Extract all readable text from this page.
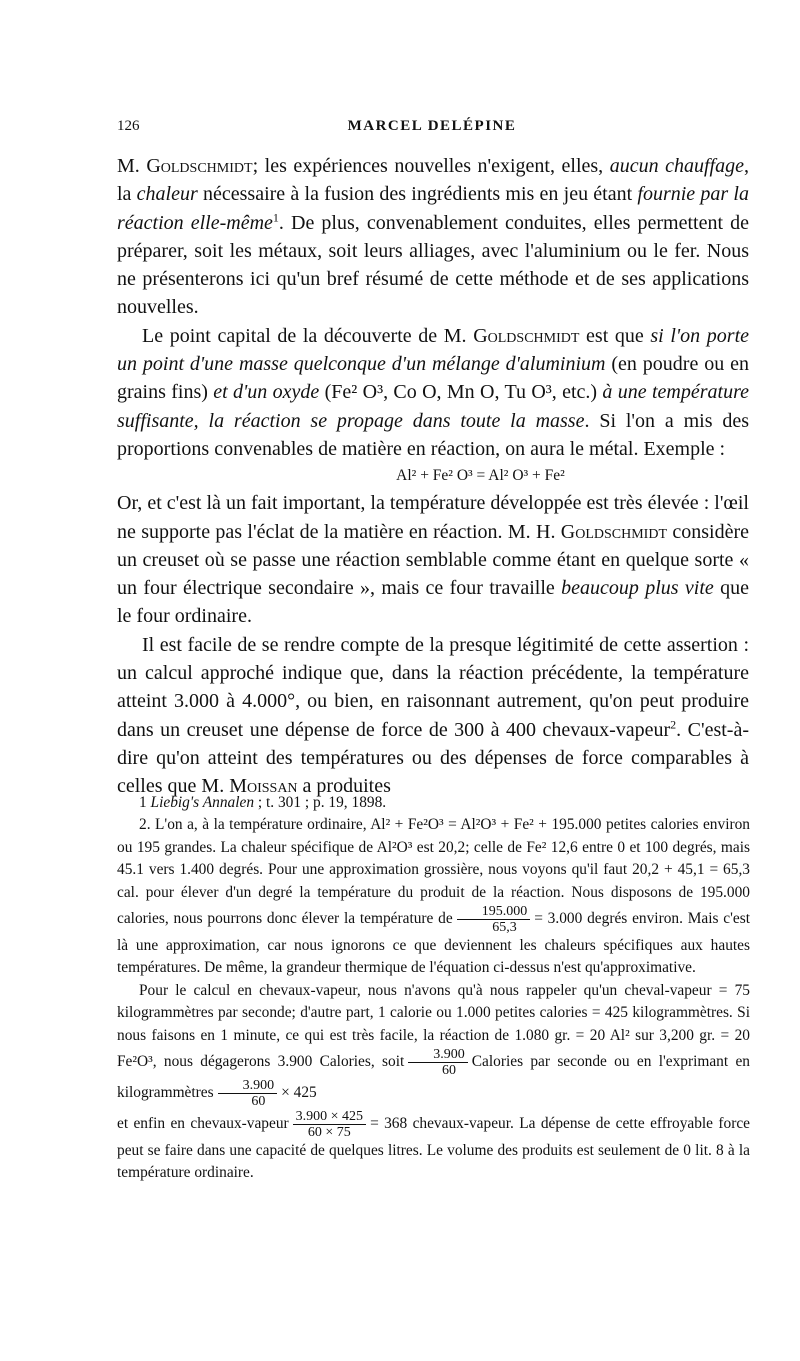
126	MARCEL DELÉPINE

M. Goldschmidt; les expériences nouvelles n'exigent, elles, aucun chauffage, la chaleur nécessaire à la fusion des ingrédients mis en jeu étant fournie par la réaction elle-même$^1$. De plus, convenablement conduites, elles permettent de préparer, soit les métaux, soit leurs alliages, avec l'aluminium ou le fer. Nous ne présenterons ici qu'un bref résumé de cette méthode et de ses applications nouvelles.

Le point capital de la découverte de M. Goldschmidt est que si l'on porte un point d'une masse quelconque d'un mélange d'aluminium (en poudre ou en grains fins) et d'un oxyde (Fe² O³, Co O, Mn O, Tu O³, etc.) à une température suffisante, la réaction se propage dans toute la masse. Si l'on a mis des proportions convenables de matière en réaction, on aura le métal. Exemple :

Al² + Fe² O³ = Al² O³ + Fe²

Or, et c'est là un fait important, la température développée est très élevée : l'œil ne supporte pas l'éclat de la matière en réaction. M. H. Goldschmidt considère un creuset où se passe une réaction semblable comme étant en quelque sorte « un four électrique secondaire », mais ce four travaille beaucoup plus vite que le four ordinaire.

Il est facile de se rendre compte de la presque légitimité de cette assertion : un calcul approché indique que, dans la réaction précédente, la température atteint 3.000 à 4.000°, ou bien, en raisonnant autrement, qu'on peut produire dans un creuset une dépense de force de 300 à 400 chevaux-vapeur$^2$. C'est-à-dire qu'on atteint des températures ou des dépenses de force comparables à celles que M. Moissan a produites

1 Liebig's Annalen ; t. 301 ; p. 19, 1898.

2. L'on a, à la température ordinaire, Al² + Fe²O³ = Al²O³ + Fe² + 195.000 petites calories environ ou 195 grandes. La chaleur spécifique de Al²O³ est 20,2; celle de Fe² 12,6 entre 0 et 100 degrés, mais 45.1 vers 1.400 degrés. Pour une approximation grossière, nous voyons qu'il faut 20,2 + 45,1 = 65,3 cal. pour élever d'un degré la température du produit de la réaction. Nous disposons de 195.000 calories, nous pourrons donc élever la température de $\frac{195.000}{65,3} = 3.000$ degrés environ. Mais c'est là une approximation, car nous ignorons ce que deviennent les chaleurs spécifiques aux hautes températures. De même, la grandeur thermique de l'équation ci-dessus n'est qu'approximative.

Pour le calcul en chevaux-vapeur, nous n'avons qu'à nous rappeler qu'un cheval-vapeur = 75 kilogrammètres par seconde; d'autre part, 1 calorie ou 1.000 petites calories = 425 kilogrammètres. Si nous faisons en 1 minute, ce qui est très facile, la réaction de 1.080 gr. = 20 Al² sur 3,200 gr. = 20 Fe²O³, nous dégagerons 3.900 Calories, soit $\frac{3.900}{60}$ Calories par seconde ou en l'exprimant en kilogrammètres $\frac{3.900}{60} \times 425$

et enfin en chevaux-vapeur $\frac{3.900 \times 425}{60 \times 75} = 368$ chevaux-vapeur. La dépense de cette effroyable force peut se faire dans une capacité de quelques litres. Le volume des produits est seulement de 0 lit. 8 à la température ordinaire.
